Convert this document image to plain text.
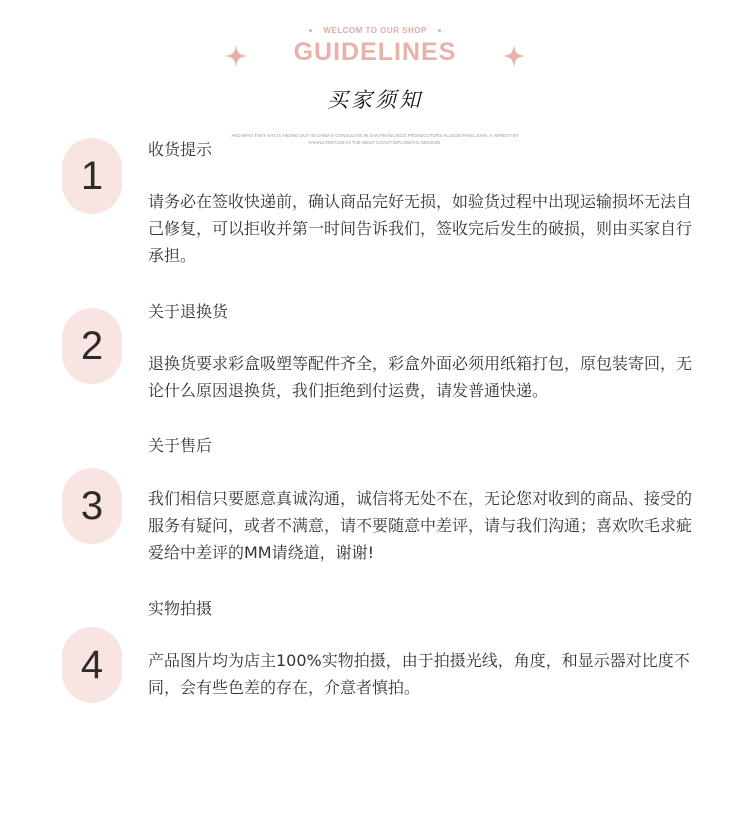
WELCOM TO OUR SHOP
GUIDELINES
买家须知
AND WHO THEY SAY IS HIDING OUT IN CHINA'S CONSULATE IN SAN FRANCISCO,PROSECUTORS ALLEGE.FANG JUAN, A ARREST BY TAKING REFUGE IN THE WEST COAST DIPLOMATIC MISSION.
1
收货提示
请务必在签收快递前，确认商品完好无损，如验货过程中出现运输损坏无法自己修复，可以拒收并第一时间告诉我们，签收完后发生的破损，则由买家自行承担。
2
关于退换货
退换货要求彩盒吸塑等配件齐全，彩盒外面必须用纸箱打包，原包装寄回，无论什么原因退换货，我们拒绝到付运费，请发普通快递。
3
关于售后
我们相信只要愿意真诚沟通，诚信将无处不在，无论您对收到的商品、接受的服务有疑问，或者不满意，请不要随意中差评，请与我们沟通；喜欢吹毛求疵爱给中差评的MM请绕道，谢谢!
4
实物拍摄
产品图片均为店主100%实物拍摄，由于拍摄光线，角度，和显示器对比度不同，会有些色差的存在，介意者慎拍。
